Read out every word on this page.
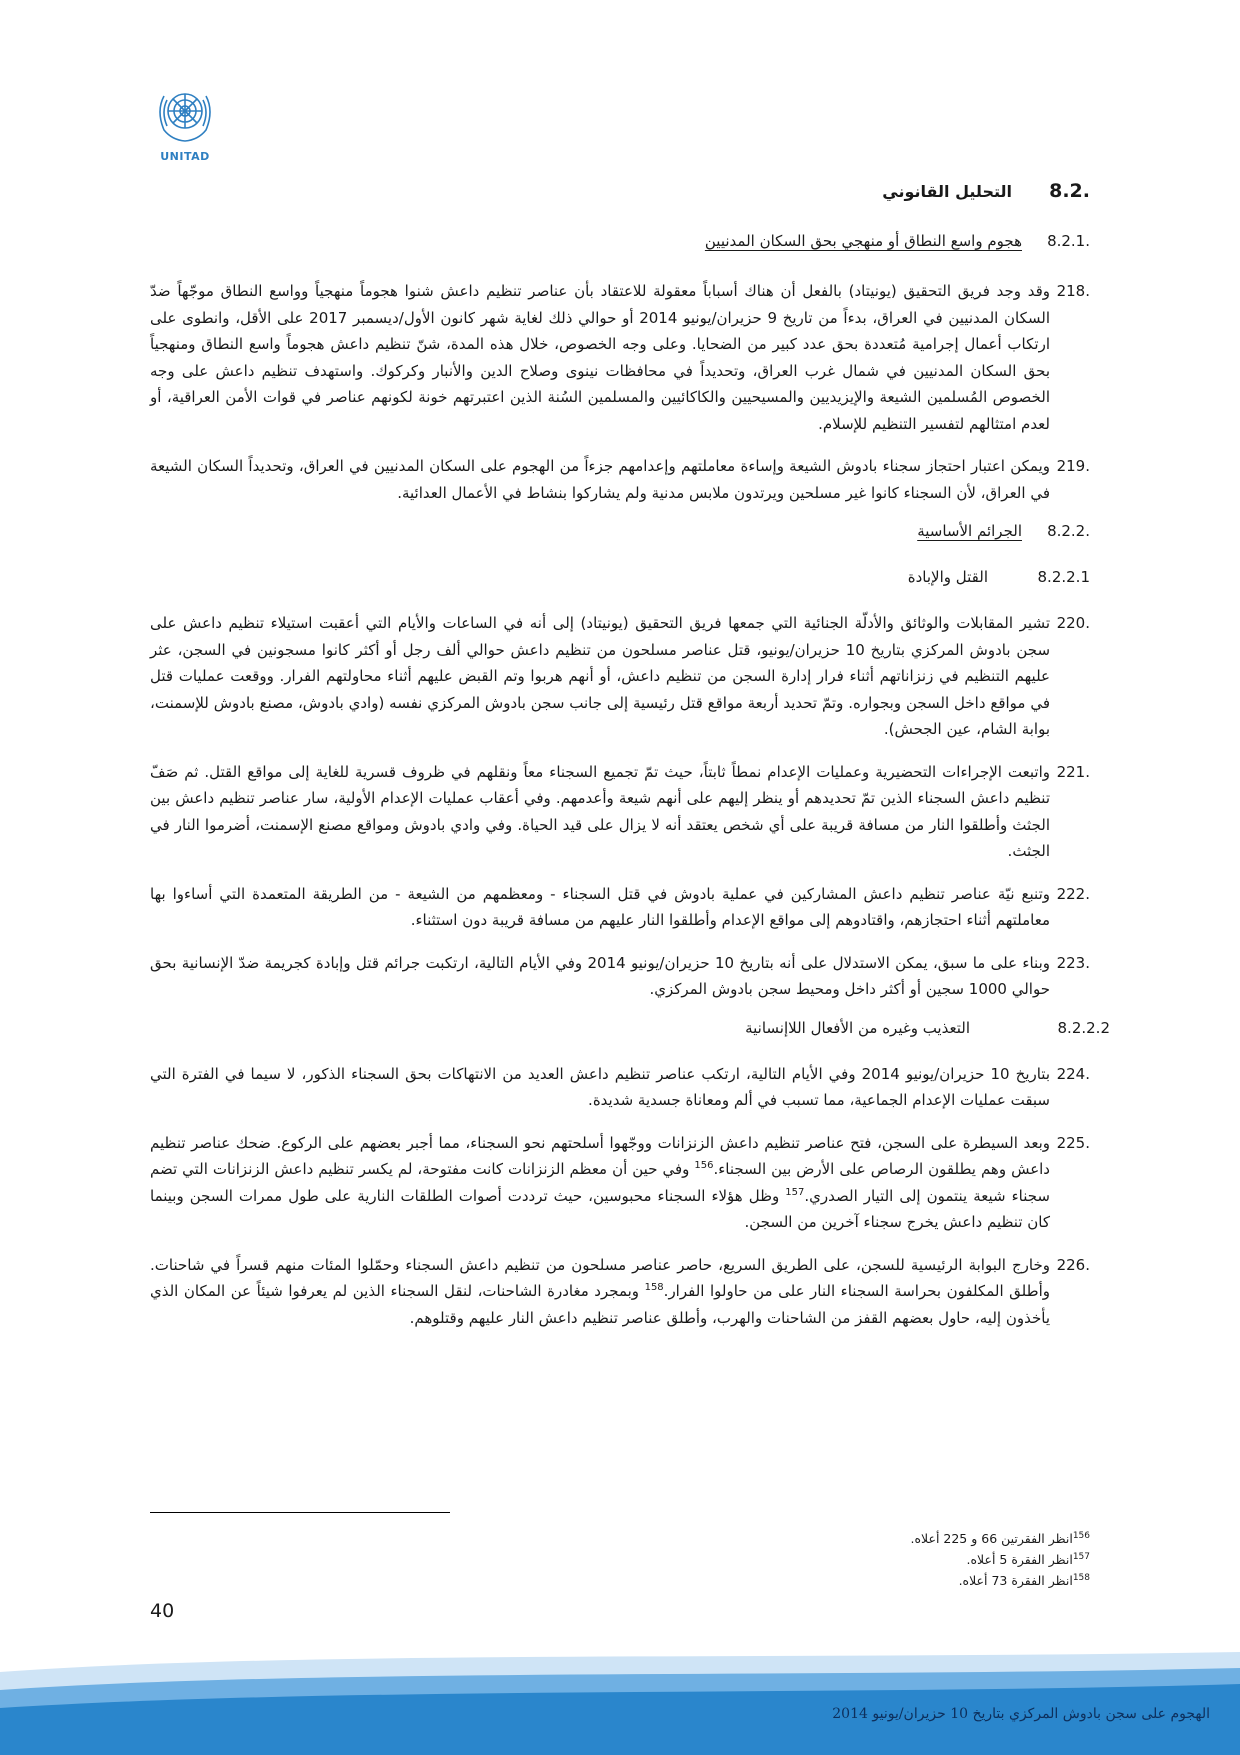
UNITAD
8.2.
التحليل القانوني
8.2.1.
هجوم واسع النطاق أو منهجي بحق السكان المدنيين
218.
وقد وجد فريق التحقيق (يونيتاد) بالفعل أن هناك أسباباً معقولة للاعتقاد بأن عناصر تنظيم داعش شنوا هجوماً منهجياً وواسع النطاق موجّهاً ضدّ السكان المدنيين في العراق، بدءاً من تاريخ 9 حزيران/يونيو 2014 أو حوالي ذلك لغاية شهر كانون الأول/ديسمبر 2017 على الأقل، وانطوى على ارتكاب أعمال إجرامية مُتعددة بحق عدد كبير من الضحايا. وعلى وجه الخصوص، خلال هذه المدة، شنّ تنظيم داعش هجوماً واسع النطاق ومنهجياً بحق السكان المدنيين في شمال غرب العراق، وتحديداً في محافظات نينوى وصلاح الدين والأنبار وكركوك. واستهدف تنظيم داعش على وجه الخصوص المُسلمين الشيعة والإيزيديين والمسيحيين والكاكائيين والمسلمين السُنة الذين اعتبرتهم خونة لكونهم عناصر في قوات الأمن العراقية، أو لعدم امتثالهم لتفسير التنظيم للإسلام.
219.
ويمكن اعتبار احتجاز سجناء بادوش الشيعة وإساءة معاملتهم وإعدامهم جزءاً من الهجوم على السكان المدنيين في العراق، وتحديداً السكان الشيعة في العراق، لأن السجناء كانوا غير مسلحين ويرتدون ملابس مدنية ولم يشاركوا بنشاط في الأعمال العدائية.
8.2.2.
الجرائم الأساسية
8.2.2.1
القتل والإبادة
220.
تشير المقابلات والوثائق والأدلّة الجنائية التي جمعها فريق التحقيق (يونيتاد) إلى أنه في الساعات والأيام التي أعقبت استيلاء تنظيم داعش على سجن بادوش المركزي بتاريخ 10 حزيران/يونيو، قتل عناصر مسلحون من تنظيم داعش حوالي ألف رجل أو أكثر كانوا مسجونين في السجن، عثر عليهم التنظيم في زنزاناتهم أثناء فرار إدارة السجن من تنظيم داعش، أو أنهم هربوا وتم القبض عليهم أثناء محاولتهم الفرار. ووقعت عمليات قتل في مواقع داخل السجن وبجواره. وتمّ تحديد أربعة مواقع قتل رئيسية إلى جانب سجن بادوش المركزي نفسه (وادي بادوش، مصنع بادوش للإسمنت، بوابة الشام، عين الجحش).
221.
واتبعت الإجراءات التحضيرية وعمليات الإعدام نمطاً ثابتاً، حيث تمّ تجميع السجناء معاً ونقلهم في ظروف قسرية للغاية إلى مواقع القتل. ثم صَفّ تنظيم داعش السجناء الذين تمّ تحديدهم أو ينظر إليهم على أنهم شيعة وأعدمهم. وفي أعقاب عمليات الإعدام الأولية، سار عناصر تنظيم داعش بين الجثث وأطلقوا النار من مسافة قريبة على أي شخص يعتقد أنه لا يزال على قيد الحياة. وفي وادي بادوش ومواقع مصنع الإسمنت، أضرموا النار في الجثث.
222.
وتنبع نيّة عناصر تنظيم داعش المشاركين في عملية بادوش في قتل السجناء - ومعظمهم من الشيعة - من الطريقة المتعمدة التي أساءوا بها معاملتهم أثناء احتجازهم، واقتادوهم إلى مواقع الإعدام وأطلقوا النار عليهم من مسافة قريبة دون استثناء.
223.
وبناء على ما سبق، يمكن الاستدلال على أنه بتاريخ 10 حزيران/يونيو 2014 وفي الأيام التالية، ارتكبت جرائم قتل وإبادة كجريمة ضدّ الإنسانية بحق حوالي 1000 سجين أو أكثر داخل ومحيط سجن بادوش المركزي.
8.2.2.2
التعذيب وغيره من الأفعال اللاإنسانية
224.
بتاريخ 10 حزيران/يونيو 2014 وفي الأيام التالية، ارتكب عناصر تنظيم داعش العديد من الانتهاكات بحق السجناء الذكور، لا سيما في الفترة التي سبقت عمليات الإعدام الجماعية، مما تسبب في ألم ومعاناة جسدية شديدة.
225.
وبعد السيطرة على السجن، فتح عناصر تنظيم داعش الزنزانات ووجّهوا أسلحتهم نحو السجناء، مما أجبر بعضهم على الركوع. ضحك عناصر تنظيم داعش وهم يطلقون الرصاص على الأرض بين السجناء.$^{156}$ وفي حين أن معظم الزنزانات كانت مفتوحة، لم يكسر تنظيم داعش الزنزانات التي تضم سجناء شيعة ينتمون إلى التيار الصدري.$^{157}$ وظل هؤلاء السجناء محبوسين، حيث ترددت أصوات الطلقات النارية على طول ممرات السجن وبينما كان تنظيم داعش يخرج سجناء آخرين من السجن.
226.
وخارج البوابة الرئيسية للسجن، على الطريق السريع، حاصر عناصر مسلحون من تنظيم داعش السجناء وحمّلوا المئات منهم قسراً في شاحنات. وأطلق المكلفون بحراسة السجناء النار على من حاولوا الفرار.$^{158}$ وبمجرد مغادرة الشاحنات، لنقل السجناء الذين لم يعرفوا شيئاً عن المكان الذي يأخذون إليه، حاول بعضهم القفز من الشاحنات والهرب، وأطلق عناصر تنظيم داعش النار عليهم وقتلوهم.
$^{156}$انظر الفقرتين 66 و 225 أعلاه.
$^{157}$انظر الفقرة 5 أعلاه.
$^{158}$انظر الفقرة 73 أعلاه.
40
الهجوم على سجن بادوش المركزي بتاريخ 10 حزيران/يونيو 2014
